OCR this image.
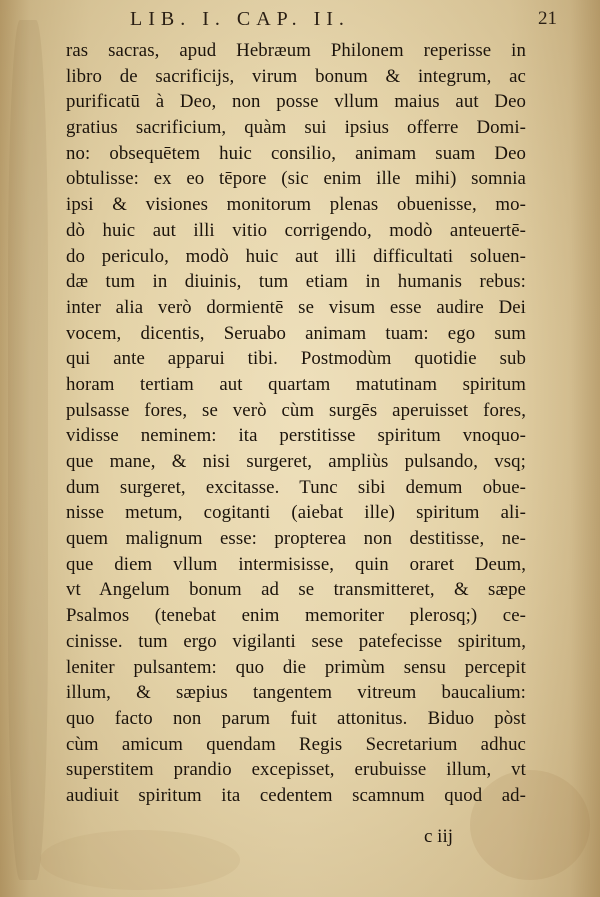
LIB. I. CAP. II.	21
ras sacras, apud Hebræum Philonem reperisse in
libro de sacrificijs, virum bonum & integrum, ac
purificatū à Deo, non posse vllum maius aut Deo
gratius sacrificium, quàm sui ipsius offerre Domi-
no: obsequētem huic consilio, animam suam Deo
obtulisse: ex eo tēpore (sic enim ille mihi) somnia
ipsi & visiones monitorum plenas obuenisse, mo-
dò huic aut illi vitio corrigendo, modò anteuertē-
do periculo, modò huic aut illi difficultati soluen-
dæ tum in diuinis, tum etiam in humanis rebus:
inter alia verò dormientē se visum esse audire Dei
vocem, dicentis, Seruabo animam tuam: ego sum
qui ante apparui tibi. Postmodùm quotidie sub
horam tertiam aut quartam matutinam spiritum
pulsasse fores, se verò cùm surgēs aperuisset fores,
vidisse neminem: ita perstitisse spiritum vnoquo-
que mane, & nisi surgeret, ampliùs pulsando, vsq;
dum surgeret, excitasse. Tunc sibi demum obue-
nisse metum, cogitanti (aiebat ille) spiritum ali-
quem malignum esse: propterea non destitisse, ne-
que diem vllum intermisisse, quin oraret Deum,
vt Angelum bonum ad se transmitteret, & sæpe
Psalmos (tenebat enim memoriter plerosq;) ce-
cinisse. tum ergo vigilanti sese patefecisse spiritum,
leniter pulsantem: quo die primùm sensu percepit
illum, & sæpius tangentem vitreum baucalium:
quo facto non parum fuit attonitus. Biduo pòst
cùm amicum quendam Regis Secretarium adhuc
superstitem prandio excepisset, erubuisse illum, vt
audiuit spiritum ita cedentem scamnum quod ad-
c iij
